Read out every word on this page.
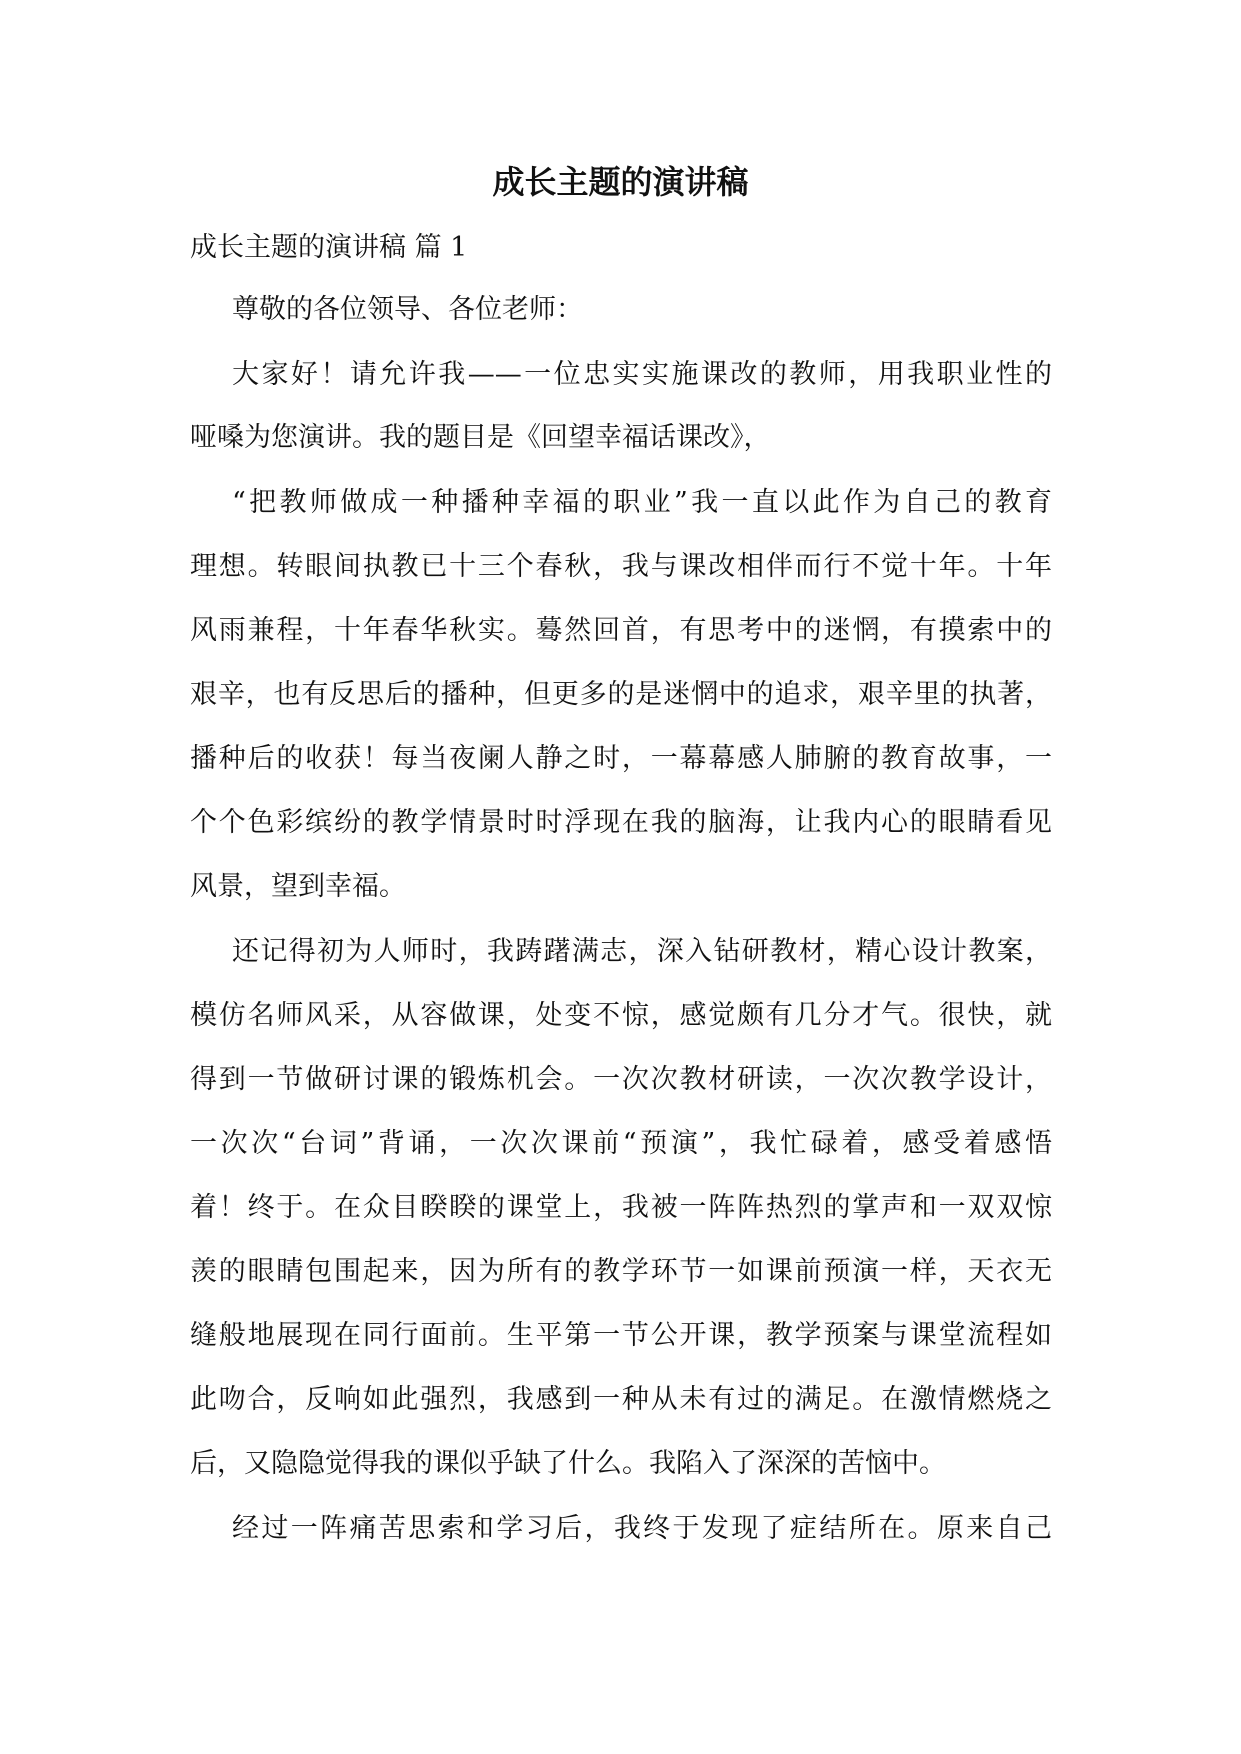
成长主题的演讲稿

成长主题的演讲稿 篇 1

尊敬的各位领导、各位老师：

大家好！请允许我——一位忠实实施课改的教师，用我职业性的

哑嗓为您演讲。我的题目是《回望幸福话课改》，

“把教师做成一种播种幸福的职业”我一直以此作为自己的教育

理想。转眼间执教已十三个春秋，我与课改相伴而行不觉十年。十年

风雨兼程，十年春华秋实。蓦然回首，有思考中的迷惘，有摸索中的

艰辛，也有反思后的播种，但更多的是迷惘中的追求，艰辛里的执著，

播种后的收获！每当夜阑人静之时，一幕幕感人肺腑的教育故事，一

个个色彩缤纷的教学情景时时浮现在我的脑海，让我内心的眼睛看见

风景，望到幸福。

还记得初为人师时，我踌躇满志，深入钻研教材，精心设计教案，

模仿名师风采，从容做课，处变不惊，感觉颇有几分才气。很快，就

得到一节做研讨课的锻炼机会。一次次教材研读，一次次教学设计，

一次次“台词”背诵，一次次课前“预演”，我忙碌着，感受着感悟

着！终于。在众目睽睽的课堂上，我被一阵阵热烈的掌声和一双双惊

羡的眼睛包围起来，因为所有的教学环节一如课前预演一样，天衣无

缝般地展现在同行面前。生平第一节公开课，教学预案与课堂流程如

此吻合，反响如此强烈，我感到一种从未有过的满足。在激情燃烧之

后，又隐隐觉得我的课似乎缺了什么。我陷入了深深的苦恼中。

经过一阵痛苦思索和学习后，我终于发现了症结所在。原来自己
